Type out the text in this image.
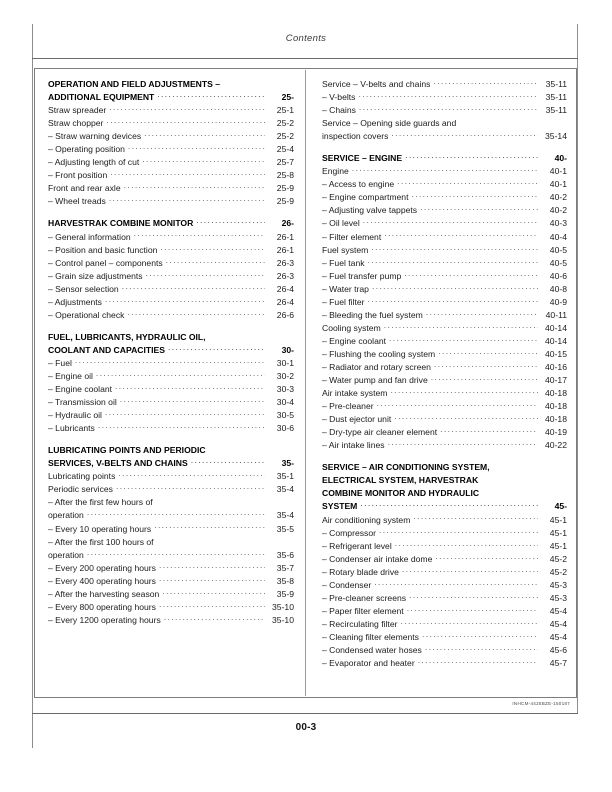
Contents
OPERATION AND FIELD ADJUSTMENTS –
ADDITIONAL EQUIPMENT .....	25-
Straw spreader .....	25-1
Straw chopper .....	25-2
– Straw warning devices .....	25-2
– Operating position .....	25-4
– Adjusting length of cut .....	25-7
– Front position .....	25-8
Front and rear axle .....	25-9
– Wheel treads .....	25-9
HARVESTRAK COMBINE MONITOR .....	26-
– General information .....	26-1
– Position and basic function .....	26-1
– Control panel – components .....	26-3
– Grain size adjustments .....	26-3
– Sensor selection .....	26-4
– Adjustments .....	26-4
– Operational check .....	26-6
FUEL, LUBRICANTS, HYDRAULIC OIL,
COOLANT AND CAPACITIES .....	30-
– Fuel .....	30-1
– Engine oil .....	30-2
– Engine coolant .....	30-3
– Transmission oil .....	30-4
– Hydraulic oil .....	30-5
– Lubricants .....	30-6
LUBRICATING POINTS AND PERIODIC
SERVICES, V-BELTS AND CHAINS .....	35-
Lubricating points .....	35-1
Periodic services .....	35-4
– After the first few hours of
operation .....	35-4
– Every 10 operating hours .....	35-5
– After the first 100 hours of
operation .....	35-6
– Every 200 operating hours .....	35-7
– Every 400 operating hours .....	35-8
– After the harvesting season .....	35-9
– Every 800 operating hours .....	35-10
– Every 1200 operating hours .....	35-10
Service – V-belts and chains .....	35-11
– V-belts .....	35-11
– Chains .....	35-11
Service – Opening side guards and
inspection covers .....	35-14
SERVICE – ENGINE .....	40-
Engine .....	40-1
– Access to engine .....	40-1
– Engine compartment .....	40-2
– Adjusting valve tappets .....	40-2
– Oil level .....	40-3
– Filter element .....	40-4
Fuel system .....	40-5
– Fuel tank .....	40-5
– Fuel transfer pump .....	40-6
– Water trap .....	40-8
– Fuel filter .....	40-9
– Bleeding the fuel system .....	40-11
Cooling system .....	40-14
– Engine coolant .....	40-14
– Flushing the cooling system .....	40-15
– Radiator and rotary screen .....	40-16
– Water pump and fan drive .....	40-17
Air intake system .....	40-18
– Pre-cleaner .....	40-18
– Dust ejector unit .....	40-18
– Dry-type air cleaner element .....	40-19
– Air intake lines .....	40-22
SERVICE – AIR CONDITIONING SYSTEM,
ELECTRICAL SYSTEM, HARVESTRAK
COMBINE MONITOR AND HYDRAULIC
SYSTEM .....	45-
Air conditioning system .....	45-1
– Compressor .....	45-1
– Refrigerant level .....	45-1
– Condenser air intake dome .....	45-2
– Rotary blade drive .....	45-2
– Condenser .....	45-3
– Pre-cleaner screens .....	45-3
– Paper filter element .....	45-4
– Recirculating filter .....	45-4
– Cleaning filter elements .....	45-4
– Condensed water hoses .....	45-6
– Evaporator and heater .....	45-7
INHCM-4425BZE-150187
00-3
